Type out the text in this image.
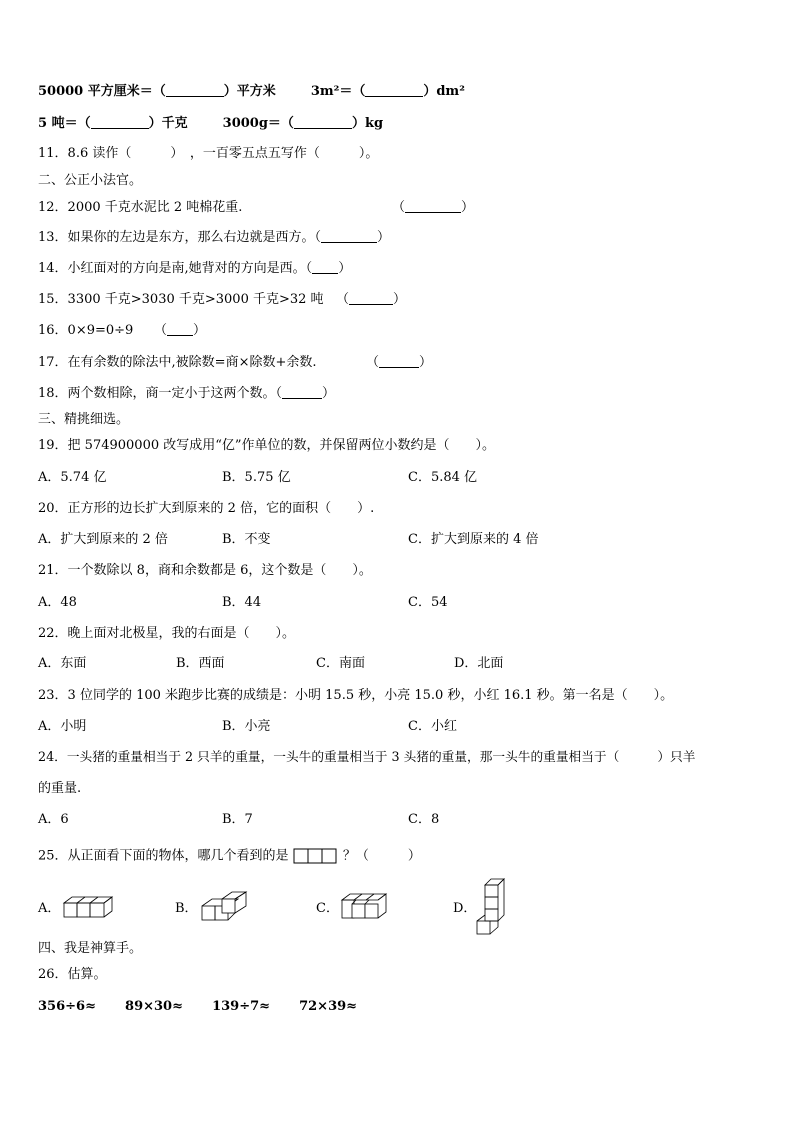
50000 平方厘米＝（	）平方米	3m²＝（	）dm²
5 吨＝（	）千克	3000g＝（	）kg
11．8.6 读作（　　　）　，一百零五点五写作（　　　）。
二、公正小法官。
12．2000 千克水泥比 2 吨棉花重.	（	）
13．如果你的左边是东方，那么右边就是西方。（	）
14．小红面对的方向是南,她背对的方向是西。（ ）
15．3300 千克>3030 千克>3000 千克>32 吨 （	）
16．0×9=0÷9 （ ）
17．在有余数的除法中,被除数=商×除数+余数.	（	）
18．两个数相除，商一定小于这两个数。（	）
三、精挑细选。
19．把 574900000 改写成用“亿”作单位的数，并保留两位小数约是（　　）。
A．5.74 亿	B．5.75 亿	C．5.84 亿
20．正方形的边长扩大到原来的 2 倍，它的面积（　　）.
A．扩大到原来的 2 倍	B．不变	C．扩大到原来的 4 倍
21．一个数除以 8，商和余数都是 6，这个数是（　　）。
A．48	B．44	C．54
22．晚上面对北极星，我的右面是（　　）。
A．东面	B．西面	C．南面	D．北面
23．3 位同学的 100 米跑步比赛的成绩是：小明 15.5 秒，小亮 15.0 秒，小红 16.1 秒。第一名是（　　）。
A．小明	B．小亮	C．小红
24．一头猪的重量相当于 2 只羊的重量，一头牛的重量相当于 3 头猪的重量，那一头牛的重量相当于（　　　）只羊
的重量.
A．6	B．7	C．8
25．从正面看下面的物体，哪几个看到的是	？（　　　）
A．	B．	C．	D．
四、我是神算手。
26．估算。
356÷6≈ 89×30≈ 139÷7≈ 72×39≈
